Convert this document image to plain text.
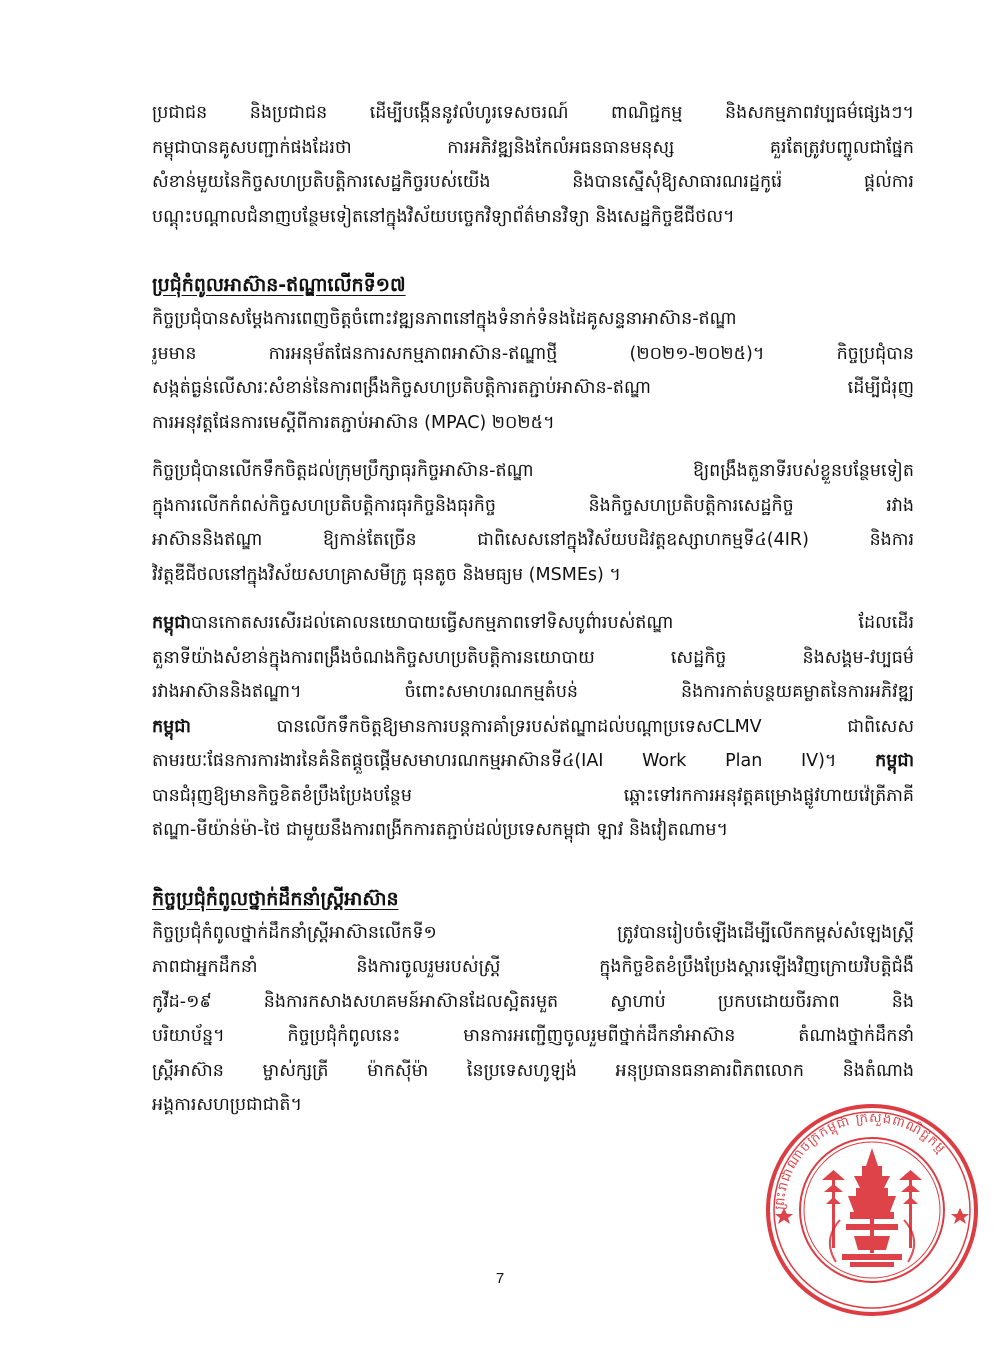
ប្រជាជន និងប្រជាជន ដើម្បីបង្កើននូវលំហូរទេសចរណ៍ ពាណិជ្ជកម្ម និងសកម្មភាពវប្បធម៌ផ្សេងៗ។
កម្ពុជាបានគូសបញ្ជាក់ផងដែរថា ការអភិវឌ្ឍនិងកែលំអធនធានមនុស្ស គួរតែត្រូវបញ្ចូលជាផ្នែក
សំខាន់មួយនៃកិច្ចសហប្រតិបត្តិការសេដ្ឋកិច្ចរបស់យើង និងបានស្នើសុំឱ្យសាធារណរដ្ឋកូរ៉េ ផ្តល់ការ
បណ្តុះបណ្តាលជំនាញបន្ថែមទៀតនៅក្នុងវិស័យបច្ចេកវិទ្យាព័ត៌មានវិទ្យា និងសេដ្ឋកិច្ចឌីជីថល។

ប្រជុំកំពូលអាស៊ាន-ឥណ្ឌាលើកទី១៧

កិច្ចប្រជុំបានសម្តែងការពេញចិត្តចំពោះវឌ្ឍនភាពនៅក្នុងទំនាក់ទំនងដៃគូសន្ទនាអាស៊ាន-ឥណ្ឌា
រួមមាន ការអនុម័តផែនការសកម្មភាពអាស៊ាន-ឥណ្ឌាថ្មី (២០២១-២០២៥)។ កិច្ចប្រជុំបាន
សង្កត់ធ្ងន់លើសារៈសំខាន់នៃការពង្រឹងកិច្ចសហប្រតិបត្តិការតភ្ជាប់អាស៊ាន-ឥណ្ឌា ដើម្បីជំរុញ
ការអនុវត្តផែនការមេស្តីពីការតភ្ជាប់អាស៊ាន (MPAC) ២០២៥។

កិច្ចប្រជុំបានលើកទឹកចិត្តដល់ក្រុមប្រឹក្សាធុរកិច្ចអាស៊ាន-ឥណ្ឌា ឱ្យពង្រឹងតួនាទីរបស់ខ្លួនបន្ថែមទៀត
ក្នុងការលើកកំពស់កិច្ចសហប្រតិបត្តិការធុរកិច្ចនិងធុរកិច្ច និងកិច្ចសហប្រតិបត្តិការសេដ្ឋកិច្ច រវាង
អាស៊ាននិងឥណ្ឌា ឱ្យកាន់តែច្រើន ជាពិសេសនៅក្នុងវិស័យបដិវត្តឧស្សាហកម្មទី៤(4IR) និងការ
វិវត្តឌីជីថលនៅក្នុងវិស័យសហគ្រាសមីក្រូ ធុនតូច និងមធ្យម (MSMEs) ។

កម្ពុជាបានកោតសរសើរដល់គោលនយោបាយធ្វើសកម្មភាពទៅទិសបូព៌ារបស់ឥណ្ឌា ដែលដើរ
តួនាទីយ៉ាងសំខាន់ក្នុងការពង្រឹងចំណងកិច្ចសហប្រតិបត្តិការនយោបាយ សេដ្ឋកិច្ច និងសង្គម-វប្បធម៌
រវាងអាស៊ាននិងឥណ្ឌា។ ចំពោះសមាហរណកម្មតំបន់ និងការកាត់បន្ថយគម្លាតនៃការអភិវឌ្ឍ
កម្ពុជា បានលើកទឹកចិត្តឱ្យមានការបន្តការគាំទ្ររបស់ឥណ្ឌាដល់បណ្តាប្រទេសCLMV ជាពិសេស
តាមរយៈផែនការការងារនៃគំនិតផ្តួចផ្តើមសមាហរណកម្មអាស៊ានទី៤(IAI Work Plan IV)។ កម្ពុជា
បានជំរុញឱ្យមានកិច្ចខិតខំប្រឹងប្រែងបន្ថែម ឆ្ពោះទៅរកការអនុវត្តគម្រោងផ្លូវហាយវ៉េត្រីភាគី
ឥណ្ឌា-មីយ៉ាន់ម៉ា-ថៃ ជាមួយនឹងការពង្រីកការតភ្ជាប់ដល់ប្រទេសកម្ពុជា ឡាវ និងវៀតណាម។

កិច្ចប្រជុំកំពូលថ្នាក់ដឹកនាំស្ត្រីអាស៊ាន

កិច្ចប្រជុំកំពូលថ្នាក់ដឹកនាំស្ត្រីអាស៊ានលើកទី១ ត្រូវបានរៀបចំឡើងដើម្បីលើកកម្ពស់សំឡេងស្ត្រី
ភាពជាអ្នកដឹកនាំ និងការចូលរួមរបស់ស្ត្រី ក្នុងកិច្ចខិតខំប្រឹងប្រែងស្តារឡើងវិញក្រោយវិបត្តិជំងឺ
កូវីដ-១៩ និងការកសាងសហគមន៍អាស៊ានដែលស្អិតរមួត ស្វាហាប់ ប្រកបដោយចីរភាព និង
បរិយាប័ន្ន។ កិច្ចប្រជុំកំពូលនេះ មានការអញ្ជើញចូលរួមពីថ្នាក់ដឹកនាំអាស៊ាន តំណាងថ្នាក់ដឹកនាំ
ស្ត្រីអាស៊ាន ម្ចាស់ក្សត្រី ម៉ាកស៊ីម៉ា នៃប្រទេសហូឡង់ អនុប្រធានធនាគារពិភពលោក និងតំណាង
អង្គការសហប្រជាជាតិ។

ព្រះរាជាណាចក្រកម្ពុជា ក្រសួងពាណិជ្ជកម្ម
7
